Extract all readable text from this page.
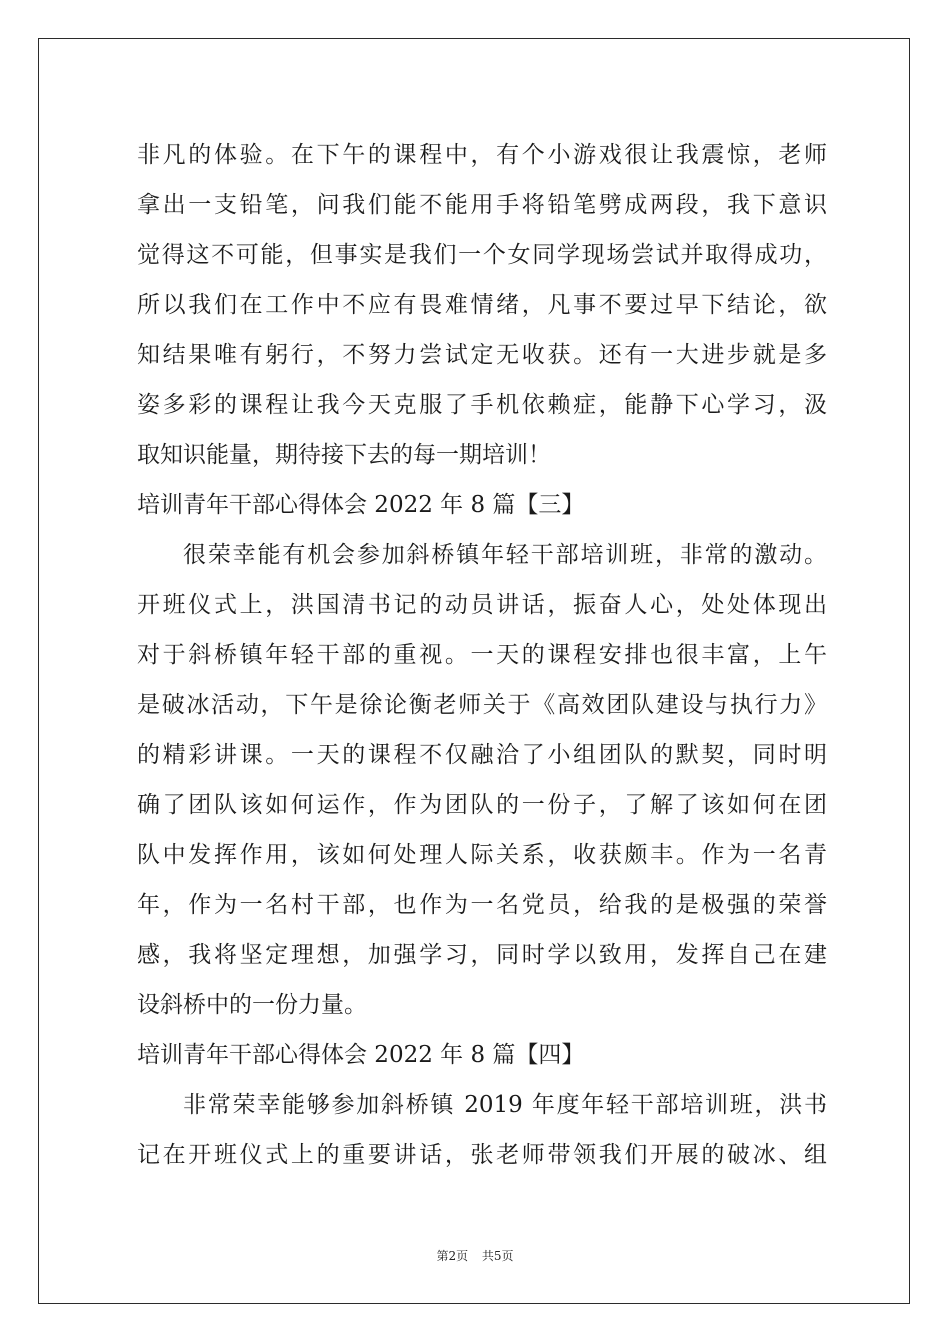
非凡的体验。在下午的课程中，有个小游戏很让我震惊，老师
拿出一支铅笔，问我们能不能用手将铅笔劈成两段，我下意识
觉得这不可能，但事实是我们一个女同学现场尝试并取得成功，
所以我们在工作中不应有畏难情绪，凡事不要过早下结论，欲
知结果唯有躬行，不努力尝试定无收获。还有一大进步就是多
姿多彩的课程让我今天克服了手机依赖症，能静下心学习，汲
取知识能量，期待接下去的每一期培训！
培训青年干部心得体会 2022 年 8 篇【三】
很荣幸能有机会参加斜桥镇年轻干部培训班，非常的激动。
开班仪式上，洪国清书记的动员讲话，振奋人心，处处体现出
对于斜桥镇年轻干部的重视。一天的课程安排也很丰富，上午
是破冰活动，下午是徐论衡老师关于《高效团队建设与执行力》
的精彩讲课。一天的课程不仅融洽了小组团队的默契，同时明
确了团队该如何运作，作为团队的一份子，了解了该如何在团
队中发挥作用，该如何处理人际关系，收获颇丰。作为一名青
年，作为一名村干部，也作为一名党员，给我的是极强的荣誉
感，我将坚定理想，加强学习，同时学以致用，发挥自己在建
设斜桥中的一份力量。
培训青年干部心得体会 2022 年 8 篇【四】
非常荣幸能够参加斜桥镇 2019 年度年轻干部培训班，洪书
记在开班仪式上的重要讲话，张老师带领我们开展的破冰、组
第2页 共5页
